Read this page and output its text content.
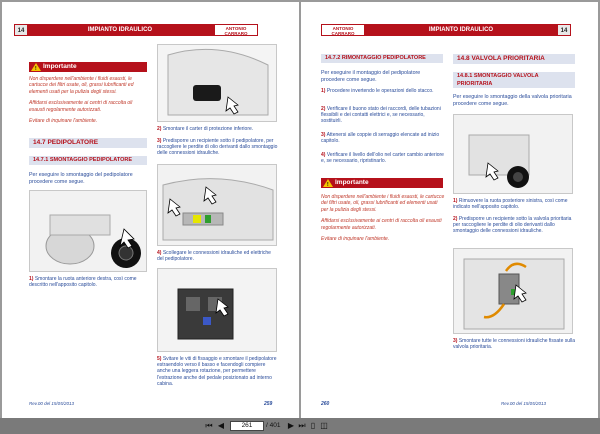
14	IMPIANTO IDRAULICO	ANTONIO
CARRARO
! Importante

Non disperdere nell'ambiente i fluidi esausti, le cartucce dei filtri usate, oli, grassi lubrificanti ed elementi usati per la pulizia degli stessi.

Affidarsi esclusivamente ai centri di raccolta oli esausti regolarmente autorizzati.

Evitare di inquinare l'ambiente.

14.7 PEDIPOLATORE
14.7.1 SMONTAGGIO PEDIPOLATORE
Per eseguire lo smontaggio del pedipolatore procedere come segue.
1) Smontare la ruota anteriore destra, così come descritto nell'apposito capitolo.
2) Smontare il carter di protezione inferiore.
3) Predisporre un recipiente sotto il pedipolatore, per raccogliere le perdite di olio derivanti dallo smontaggio delle connessioni idrauliche.
4) Scollegare le connessioni idrauliche ed elettriche del pedipolatore.
5) Svitare le viti di fissaggio e smontare il pedipolatore estraendolo verso il basso e facendogli compiere anche una leggera rotazione, per permettere l'estrazione anche del pedale posizionato ad interno cabina.
Rev.00 del 15/05/2013	259
ANTONIO
CARRARO
IMPIANTO IDRAULICO	14
14.7.2 RIMONTAGGIO PEDIPOLATORE
Per eseguire il montaggio del pedipolatore procedere come segue.
1) Procedere invertendo le operazioni dello stacco.
2) Verificare il buono stato dei raccordi, delle tubazioni flessibili e dei contatti elettrici e, se necessario, sostituirli.
3) Attenersi alle coppie di serraggio elencate ad inizio capitolo.
4) Verificare il livello dell'olio nel carter cambio anteriore e, se necessario, ripristinarlo.
! Importante

Non disperdere nell'ambiente i fluidi esausti, le cartucce dei filtri usate, oli, grassi lubrificanti ed elementi usati per la pulizia degli stessi.

Affidarsi esclusivamente ai centri di raccolta oli esausti regolarmente autorizzati.

Evitare di inquinare l'ambiente.

14.8 VALVOLA PRIORITARIA
14.8.1 SMONTAGGIO VALVOLA PRIORITARIA
Per eseguire lo smontaggio della valvola prioritaria procedere come segue.
1) Rimuovere la ruota posteriore sinistra, così come indicato nell'apposito capitolo.
2) Predisporre un recipiente sotto la valvola prioritaria per raccogliere le perdite di olio derivanti dallo smontaggio delle connessioni idrauliche.
3) Smontare tutte le connessioni idrauliche fissate sulla valvola prioritaria.
260	Rev.00 del 15/05/2013
⏮ ◀	261	/ 401 ▶ ⏭ ▯ ◫
